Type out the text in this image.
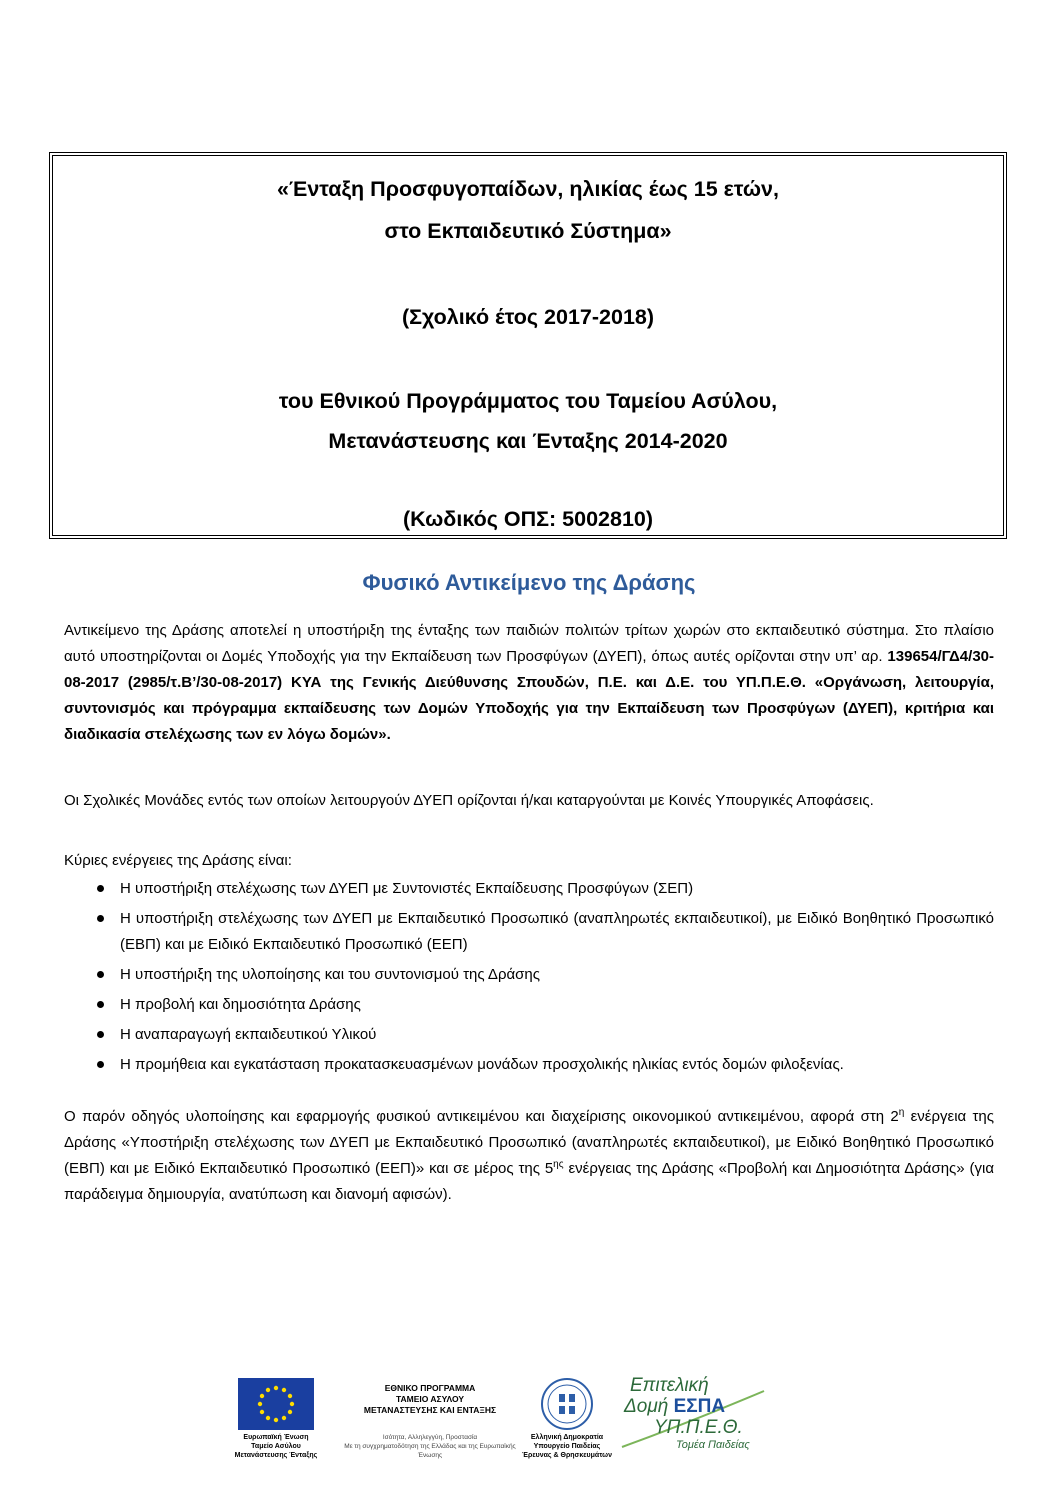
«Ένταξη Προσφυγοπαίδων, ηλικίας έως 15 ετών,
στο Εκπαιδευτικό Σύστημα»
(Σχολικό έτος 2017-2018)
του Εθνικού Προγράμματος του Ταμείου Ασύλου,
Μετανάστευσης και Ένταξης 2014-2020
(Κωδικός ΟΠΣ: 5002810)
Φυσικό Αντικείμενο της Δράσης
Αντικείμενο της Δράσης αποτελεί η υποστήριξη της ένταξης των παιδιών πολιτών τρίτων χωρών στο εκπαιδευτικό σύστημα. Στο πλαίσιο αυτό υποστηρίζονται οι Δομές Υποδοχής για την Εκπαίδευση των Προσφύγων (ΔΥΕΠ), όπως αυτές ορίζονται στην υπ’ αρ. 139654/ΓΔ4/30-08-2017 (2985/τ.Β’/30-08-2017) ΚΥΑ της Γενικής Διεύθυνσης Σπουδών, Π.Ε. και Δ.Ε. του ΥΠ.Π.Ε.Θ. «Οργάνωση, λειτουργία, συντονισμός και πρόγραμμα εκπαίδευσης των Δομών Υποδοχής για την Εκπαίδευση των Προσφύγων (ΔΥΕΠ), κριτήρια και διαδικασία στελέχωσης των εν λόγω δομών».
Οι Σχολικές Μονάδες εντός των οποίων λειτουργούν ΔΥΕΠ ορίζονται ή/και καταργούνται με Κοινές Υπουργικές Αποφάσεις.
Κύριες ενέργειες της Δράσης είναι:
Η υποστήριξη στελέχωσης των ΔΥΕΠ με Συντονιστές Εκπαίδευσης Προσφύγων (ΣΕΠ)
Η υποστήριξη στελέχωσης των ΔΥΕΠ με Εκπαιδευτικό Προσωπικό (αναπληρωτές εκπαιδευτικοί), με Ειδικό Βοηθητικό Προσωπικό (ΕΒΠ) και με Ειδικό Εκπαιδευτικό Προσωπικό (ΕΕΠ)
Η υποστήριξη της υλοποίησης και του συντονισμού της Δράσης
Η προβολή και δημοσιότητα Δράσης
Η αναπαραγωγή εκπαιδευτικού Υλικού
Η προμήθεια και εγκατάσταση προκατασκευασμένων μονάδων προσχολικής ηλικίας εντός δομών φιλοξενίας.
Ο παρόν οδηγός υλοποίησης και εφαρμογής φυσικού αντικειμένου και διαχείρισης οικονομικού αντικειμένου, αφορά στη $2^\eta$ ενέργεια της Δράσης «Υποστήριξη στελέχωσης των ΔΥΕΠ με Εκπαιδευτικό Προσωπικό (αναπληρωτές εκπαιδευτικοί), με Ειδικό Βοηθητικό Προσωπικό (ΕΒΠ) και με Ειδικό Εκπαιδευτικό Προσωπικό (ΕΕΠ)» και σε μέρος της $5^{\eta\varsigma}$ ενέργειας της Δράσης «Προβολή και Δημοσιότητα Δράσης» (για παράδειγμα δημιουργία, ανατύπωση και διανομή αφισών).
Ευρωπαϊκή Ένωση
Ταμείο Ασύλου
Μετανάστευσης Ένταξης
ΕΘΝΙΚΟ ΠΡΟΓΡΑΜΜΑ
ΤΑΜΕΙΟ ΑΣΥΛΟΥ
ΜΕΤΑΝΑΣΤΕΥΣΗΣ ΚΑΙ ΕΝΤΑΞΗΣ
Ισότητα, Αλληλεγγύη, Προστασία
Με τη συγχρηματοδότηση της Ελλάδας και της Ευρωπαϊκής Ένωσης
Ελληνική Δημοκρατία
Υπουργείο Παιδείας
Έρευνας & Θρησκευμάτων
Επιτελική
Δομή ΕΣΠΑ
ΥΠ.Π.Ε.Θ.
Τομέα Παιδείας
